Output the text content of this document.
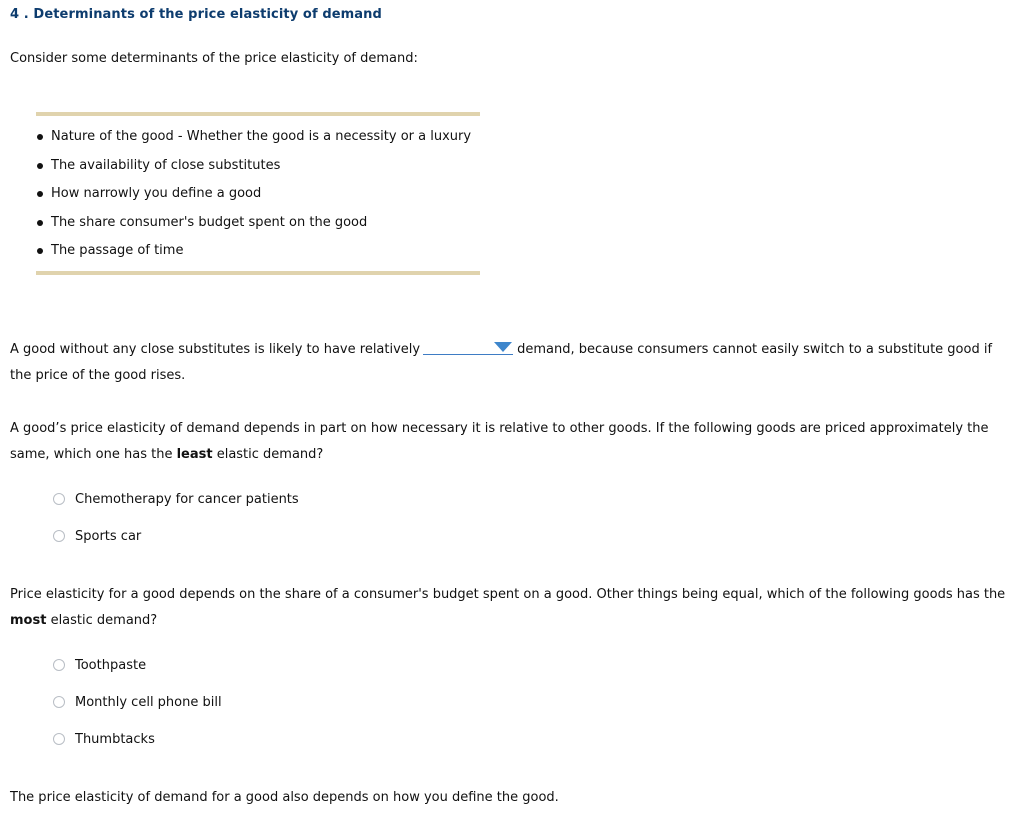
4 . Determinants of the price elasticity of demand
Consider some determinants of the price elasticity of demand:
Nature of the good - Whether the good is a necessity or a luxury
The availability of close substitutes
How narrowly you define a good
The share consumer's budget spent on the good
The passage of time
A good without any close substitutes is likely to have relatively	demand, because consumers cannot easily switch to a substitute good if the price of the good rises.
A good’s price elasticity of demand depends in part on how necessary it is relative to other goods. If the following goods are priced approximately the same, which one has the least elastic demand?
Chemotherapy for cancer patients
Sports car
Price elasticity for a good depends on the share of a consumer's budget spent on a good. Other things being equal, which of the following goods has the most elastic demand?
Toothpaste
Monthly cell phone bill
Thumbtacks
The price elasticity of demand for a good also depends on how you define the good.
